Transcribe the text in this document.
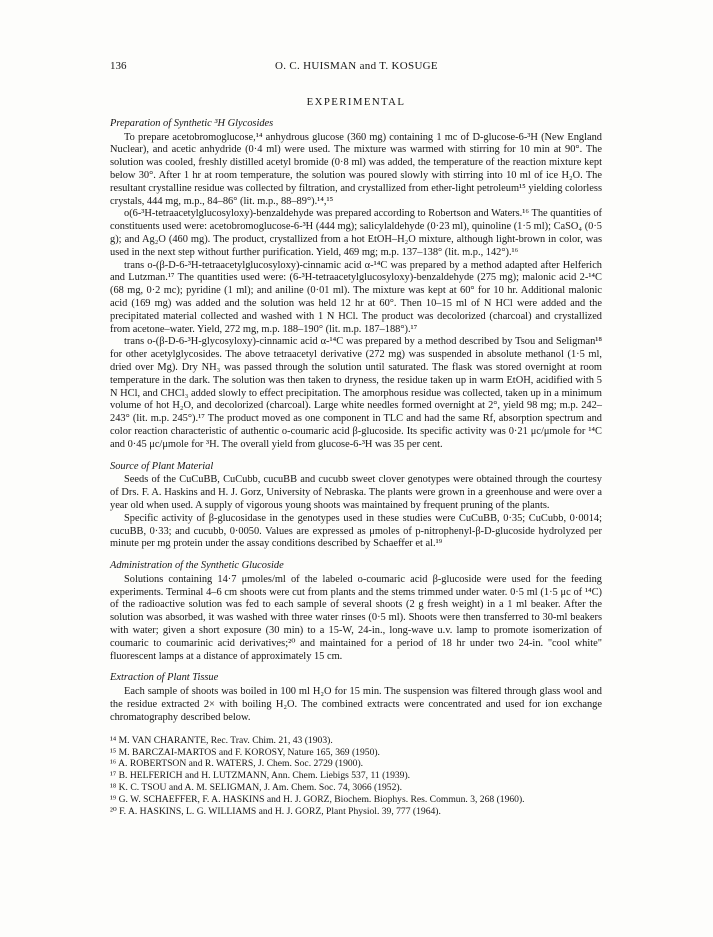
136	O. C. HUISMAN and T. KOSUGE
EXPERIMENTAL
Preparation of Synthetic ³H Glycosides

To prepare acetobromoglucose,¹⁴ anhydrous glucose (360 mg) containing 1 mc of D-glucose-6-³H (New England Nuclear), and acetic anhydride (0·4 ml) were used. The mixture was warmed with stirring for 10 min at 90°. The solution was cooled, freshly distilled acetyl bromide (0·8 ml) was added, the temperature of the reaction mixture kept below 30°. After 1 hr at room temperature, the solution was poured slowly with stirring into 10 ml of ice H₂O. The resultant crystalline residue was collected by filtration, and crystallized from ether-light petroleum¹⁵ yielding colorless crystals, 444 mg, m.p., 84–86° (lit. m.p., 88–89°).¹⁴,¹⁵

o(6-³H-tetraacetylglucosyloxy)-benzaldehyde was prepared according to Robertson and Waters.¹⁶ The quantities of constituents used were: acetobromoglucose-6-³H (444 mg); salicylaldehyde (0·23 ml), quinoline (1·5 ml); CaSO₄ (0·5 g); and Ag₂O (460 mg). The product, crystallized from a hot EtOH–H₂O mixture, although light-brown in color, was used in the next step without further purification. Yield, 469 mg; m.p. 137–138° (lit. m.p., 142°).¹⁶

trans o-(β-D-6-³H-tetraacetylglucosyloxy)-cinnamic acid α-¹⁴C was prepared by a method adapted after Helferich and Lutzman.¹⁷ The quantities used were: (6-³H-tetraacetylglucosyloxy)-benzaldehyde (275 mg); malonic acid 2-¹⁴C (68 mg, 0·2 mc); pyridine (1 ml); and aniline (0·01 ml). The mixture was kept at 60° for 10 hr. Additional malonic acid (169 mg) was added and the solution was held 12 hr at 60°. Then 10–15 ml of N HCl were added and the precipitated material collected and washed with 1 N HCl. The product was decolorized (charcoal) and crystallized from acetone–water. Yield, 272 mg, m.p. 188–190° (lit. m.p. 187–188°).¹⁷

trans o-(β-D-6-³H-glycosyloxy)-cinnamic acid α-¹⁴C was prepared by a method described by Tsou and Seligman¹⁸ for other acetylglycosides. The above tetraacetyl derivative (272 mg) was suspended in absolute methanol (1·5 ml, dried over Mg). Dry NH₃ was passed through the solution until saturated. The flask was stored overnight at room temperature in the dark. The solution was then taken to dryness, the residue taken up in warm EtOH, acidified with 5 N HCl, and CHCl₃ added slowly to effect precipitation. The amorphous residue was collected, taken up in a minimum volume of hot H₂O, and decolorized (charcoal). Large white needles formed overnight at 2°, yield 98 mg; m.p. 242–243° (lit. m.p. 245°).¹⁷ The product moved as one component in TLC and had the same Rf, absorption spectrum and color reaction characteristic of authentic o-coumaric acid β-glucoside. Its specific activity was 0·21 μc/μmole for ¹⁴C and 0·45 μc/μmole for ³H. The overall yield from glucose-6-³H was 35 per cent.

Source of Plant Material

Seeds of the CuCuBB, CuCubb, cucuBB and cucubb sweet clover genotypes were obtained through the courtesy of Drs. F. A. Haskins and H. J. Gorz, University of Nebraska. The plants were grown in a greenhouse and were over a year old when used. A supply of vigorous young shoots was maintained by frequent pruning of the plants.

Specific activity of β-glucosidase in the genotypes used in these studies were CuCuBB, 0·35; CuCubb, 0·0014; cucuBB, 0·33; and cucubb, 0·0050. Values are expressed as μmoles of p-nitrophenyl-β-D-glucoside hydrolyzed per minute per mg protein under the assay conditions described by Schaeffer et al.¹⁹

Administration of the Synthetic Glucoside

Solutions containing 14·7 μmoles/ml of the labeled o-coumaric acid β-glucoside were used for the feeding experiments. Terminal 4–6 cm shoots were cut from plants and the stems trimmed under water. 0·5 ml (1·5 μc of ¹⁴C) of the radioactive solution was fed to each sample of several shoots (2 g fresh weight) in a 1 ml beaker. After the solution was absorbed, it was washed with three water rinses (0·5 ml). Shoots were then transferred to 30-ml beakers with water; given a short exposure (30 min) to a 15-W, 24-in., long-wave u.v. lamp to promote isomerization of coumaric to coumarinic acid derivatives;²⁰ and maintained for a period of 18 hr under two 24-in. "cool white" fluorescent lamps at a distance of approximately 15 cm.

Extraction of Plant Tissue

Each sample of shoots was boiled in 100 ml H₂O for 15 min. The suspension was filtered through glass wool and the residue extracted 2× with boiling H₂O. The combined extracts were concentrated and used for ion exchange chromatography described below.

¹⁴ M. VAN CHARANTE, Rec. Trav. Chim. 21, 43 (1903).

¹⁵ M. BARCZAI-MARTOS and F. KOROSY, Nature 165, 369 (1950).

¹⁶ A. ROBERTSON and R. WATERS, J. Chem. Soc. 2729 (1900).

¹⁷ B. HELFERICH and H. LUTZMANN, Ann. Chem. Liebigs 537, 11 (1939).

¹⁸ K. C. TSOU and A. M. SELIGMAN, J. Am. Chem. Soc. 74, 3066 (1952).

¹⁹ G. W. SCHAEFFER, F. A. HASKINS and H. J. GORZ, Biochem. Biophys. Res. Commun. 3, 268 (1960).

²⁰ F. A. HASKINS, L. G. WILLIAMS and H. J. GORZ, Plant Physiol. 39, 777 (1964).
